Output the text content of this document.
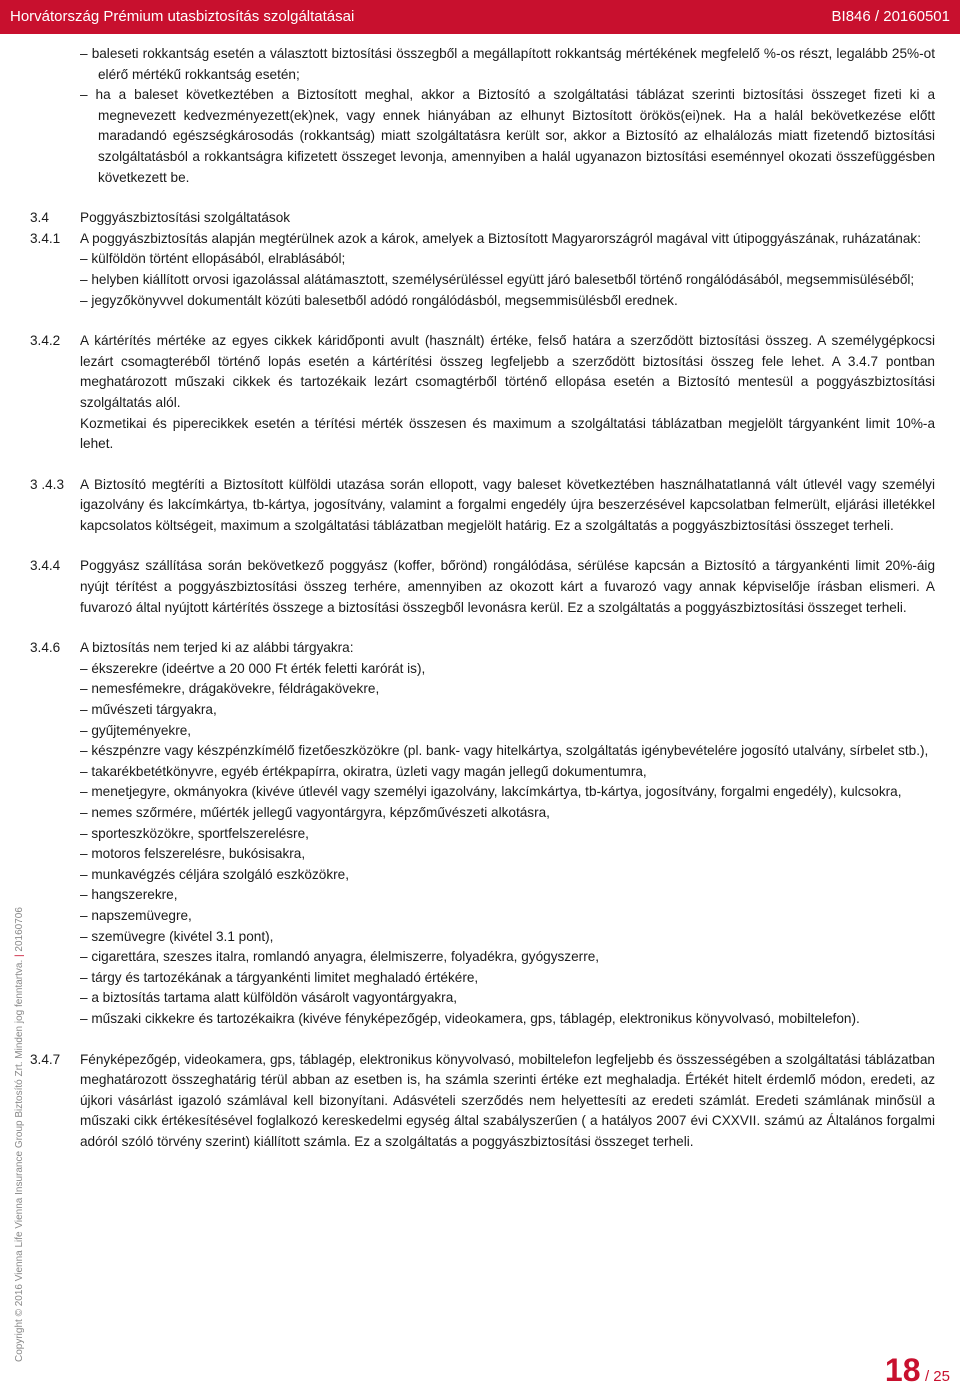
Horvátország Prémium utasbiztosítás szolgáltatásai	BI846 / 20160501
Copyright © 2016 Vienna Life Vienna Insurance Group Biztosító Zrt. Minden jog fenntartva. | 20160706

– baleseti rokkantság esetén a választott biztosítási összegből a megállapított rokkantság mértékének megfelelő %-os részt, legalább 25%-ot elérő mértékű rokkantság esetén;

– ha a baleset következtében a Biztosított meghal, akkor a Biztosító a szolgáltatási táblázat szerinti biztosítási összeget fizeti ki a megnevezett kedvezményezett(ek)nek, vagy ennek hiányában az elhunyt Biztosított örökös(ei)nek. Ha a halál bekövetkezése előtt maradandó egészségkárosodás (rokkantság) miatt szolgáltatásra került sor, akkor a Biztosító az elhalálozás miatt fizetendő biztosítási szolgáltatásból a rokkantságra kifizetett összeget levonja, amennyiben a halál ugyanazon biztosítási eseménnyel okozati összefüggésben következett be.

3.4	Poggyászbiztosítási szolgáltatások
3.4.1	A poggyászbiztosítás alapján megtérülnek azok a károk, amelyek a Biztosított Magyarországról magával vitt útipoggyászának, ruházatának:

– külföldön történt ellopásából, elrablásából;

– helyben kiállított orvosi igazolással alátámasztott, személysérüléssel együtt járó balesetből történő rongálódásából, megsemmisüléséből;

– jegyzőkönyvvel dokumentált közúti balesetből adódó rongálódásból, megsemmisülésből erednek.

3.4.2	A kártérítés mértéke az egyes cikkek káridőponti avult (használt) értéke, felső határa a szerződött biztosítási összeg. A személygépkocsi lezárt csomagteréből történő lopás esetén a kártérítési összeg legfeljebb a szerződött biztosítási összeg fele lehet. A 3.4.7 pontban meghatározott műszaki cikkek és tartozékaik lezárt csomagtérből történő ellopása esetén a Biztosító mentesül a poggyászbiztosítási szolgáltatás alól.

Kozmetikai és piperecikkek esetén a térítési mérték összesen és maximum a szolgáltatási táblázatban megjelölt tárgyanként limit 10%-a lehet.

3 .4.3	A Biztosító megtéríti a Biztosított külföldi utazása során ellopott, vagy baleset következtében használhatatlanná vált útlevél vagy személyi igazolvány és lakcímkártya, tb-kártya, jogosítvány, valamint a forgalmi engedély újra beszerzésével kapcsolatban felmerült, eljárási illetékkel kapcsolatos költségeit, maximum a szolgáltatási táblázatban megjelölt határig. Ez a szolgáltatás a poggyászbiztosítási összeget terheli.

3.4.4	Poggyász szállítása során bekövetkező poggyász (koffer, bőrönd) rongálódása, sérülése kapcsán a Biztosító a tárgyankénti limit 20%-áig nyújt térítést a poggyászbiztosítási összeg terhére, amennyiben az okozott kárt a fuvarozó vagy annak képviselője írásban elismeri. A fuvarozó által nyújtott kártérítés összege a biztosítási összegből levonásra kerül. Ez a szolgáltatás a poggyászbiztosítási összeget terheli.

3.4.6	A biztosítás nem terjed ki az alábbi tárgyakra:

– ékszerekre (ideértve a 20 000 Ft érték feletti karórát is),

– nemesfémekre, drágakövekre, féldrágakövekre,

– művészeti tárgyakra,

– gyűjteményekre,

– készpénzre vagy készpénzkímélő fizetőeszközökre (pl. bank- vagy hitelkártya, szolgáltatás igénybevételére jogosító utalvány, sírbelet stb.),

– takarékbetétkönyvre, egyéb értékpapírra, okiratra, üzleti vagy magán jellegű dokumentumra,

– menetjegyre, okmányokra (kivéve útlevél vagy személyi igazolvány, lakcímkártya, tb-kártya, jogosítvány, forgalmi engedély), kulcsokra,

– nemes szőrmére, műérték jellegű vagyontárgyra, képzőművészeti alkotásra,

– sporteszközökre, sportfelszerelésre,

– motoros felszerelésre, bukósisakra,

– munkavégzés céljára szolgáló eszközökre,

– hangszerekre,

– napszemüvegre,

– szemüvegre (kivétel 3.1 pont),

– cigarettára, szeszes italra, romlandó anyagra, élelmiszerre, folyadékra, gyógyszerre,

– tárgy és tartozékának a tárgyankénti limitet meghaladó értékére,

– a biztosítás tartama alatt külföldön vásárolt vagyontárgyakra,

– műszaki cikkekre és tartozékaikra (kivéve fényképezőgép, videokamera, gps, táblagép, elektronikus könyvolvasó, mobiltelefon).

3.4.7	Fényképezőgép, videokamera, gps, táblagép, elektronikus könyvolvasó, mobiltelefon legfeljebb és összességében a szolgáltatási táblázatban meghatározott összeghatárig térül abban az esetben is, ha számla szerinti értéke ezt meghaladja. Értékét hitelt érdemlő módon, eredeti, az újkori vásárlást igazoló számlával kell bizonyítani. Adásvételi szerződés nem helyettesíti az eredeti számlát. Eredeti számlának minősül a műszaki cikk értékesítésével foglalkozó kereskedelmi egység által szabályszerűen ( a hatályos 2007 évi CXXVII. számú az Általános forgalmi adóról szóló törvény szerint) kiállított számla. Ez a szolgáltatás a poggyászbiztosítási összeget terheli.

18 / 25
